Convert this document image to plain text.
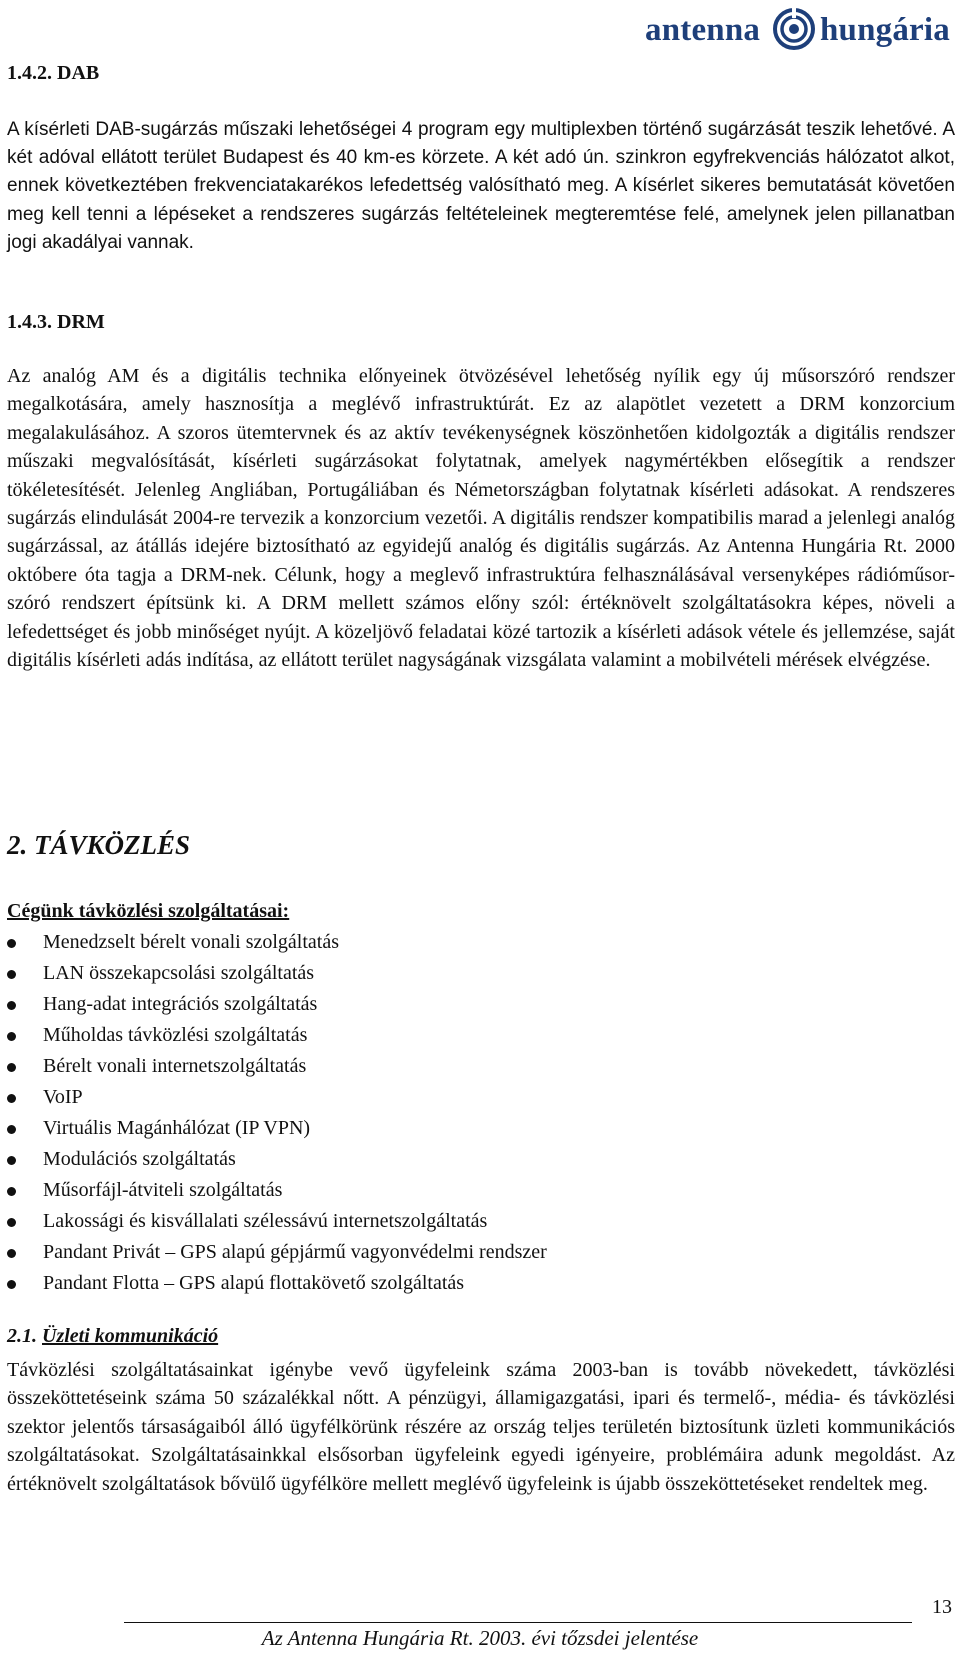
antenna hungária
1.4.2. DAB

A kísérleti DAB-sugárzás műszaki lehetőségei 4 program egy multiplexben történő sugárzását teszik lehetővé. A két adóval ellátott terület Budapest és 40 km-es körzete. A két adó ún. szinkron egyfrekvenciás hálózatot alkot, ennek következtében frekvenciatakarékos lefedettség valósítható meg. A kísérlet sikeres bemutatását követően meg kell tenni a lépéseket a rendszeres sugárzás feltételeinek megteremtése felé, amelynek jelen pillanatban jogi akadályai vannak.

1.4.3. DRM

Az analóg AM és a digitális technika előnyeinek ötvözésével lehetőség nyílik egy új műsorszóró rendszer megalkotására, amely hasznosítja a meglévő infrastruktúrát. Ez az alapötlet vezetett a DRM konzorcium megalakulásához. A szoros ütemtervnek és az aktív tevékenységnek köszönhetően kidolgozták a digitális rendszer műszaki megvalósítását, kísérleti sugárzásokat folytatnak, amelyek nagymértékben elősegítik a rendszer tökéletesítését. Jelenleg Angliában, Portugáliában és Németországban folytatnak kísérleti adásokat. A rendszeres sugárzás elindulását 2004-re tervezik a konzorcium vezetői. A digitális rendszer kompatibilis marad a jelenlegi analóg sugárzással, az átállás idejére biztosítható az egyidejű analóg és digitális sugárzás. Az Antenna Hungária Rt. 2000 októbere óta tagja a DRM-nek. Célunk, hogy a meglevő infrastruktúra felhasználásával versenyképes rádióműsor-szóró rendszert építsünk ki. A DRM mellett számos előny szól: értéknövelt szolgáltatásokra képes, növeli a lefedettséget és jobb minőséget nyújt. A közeljövő feladatai közé tartozik a kísérleti adások vétele és jellemzése, saját digitális kísérleti adás indítása, az ellátott terület nagyságának vizsgálata valamint a mobilvételi mérések elvégzése.

2. TÁVKÖZLÉS

Cégünk távközlési szolgáltatásai:

Menedzselt bérelt vonali szolgáltatás
LAN összekapcsolási szolgáltatás
Hang-adat integrációs szolgáltatás
Műholdas távközlési szolgáltatás
Bérelt vonali internetszolgáltatás
VoIP
Virtuális Magánhálózat (IP VPN)
Modulációs szolgáltatás
Műsorfájl-átviteli szolgáltatás
Lakossági és kisvállalati szélessávú internetszolgáltatás
Pandant Privát – GPS alapú gépjármű vagyonvédelmi rendszer
Pandant Flotta – GPS alapú flottakövető szolgáltatás
2.1. Üzleti kommunikáció

Távközlési szolgáltatásainkat igénybe vevő ügyfeleink száma 2003-ban is tovább növekedett, távközlési összeköttetéseink száma 50 százalékkal nőtt. A pénzügyi, államigazgatási, ipari és termelő-, média- és távközlési szektor jelentős társaságaiból álló ügyfélkörünk részére az ország teljes területén biztosítunk üzleti kommunikációs szolgáltatásokat. Szolgáltatásainkkal elsősorban ügyfeleink egyedi igényeire, problémáira adunk megoldást. Az értéknövelt szolgáltatások bővülő ügyfélköre mellett meglévő ügyfeleink is újabb összeköttetéseket rendeltek meg.

13
Az Antenna Hungária Rt. 2003. évi tőzsdei jelentése
